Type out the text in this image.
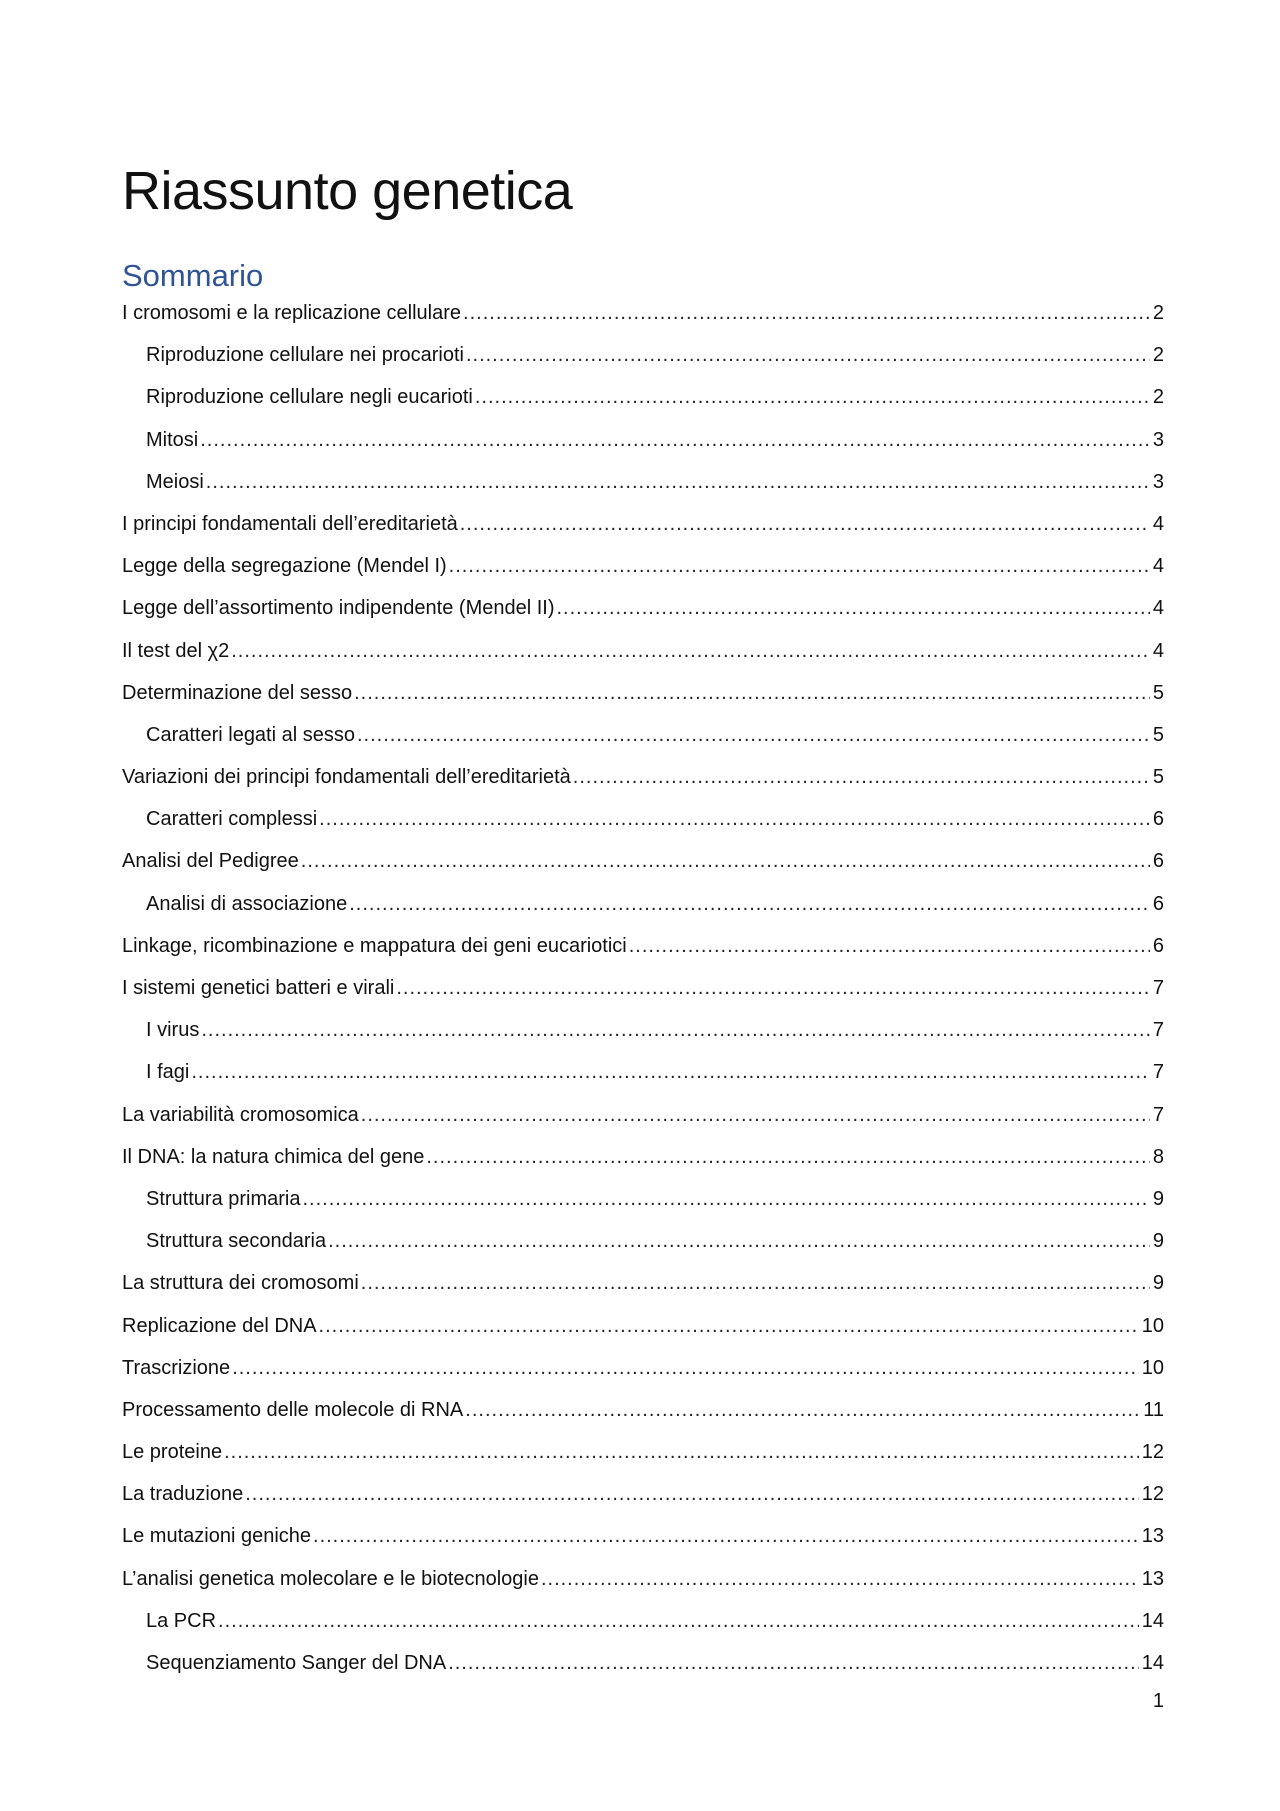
Riassunto genetica
Sommario
I cromosomi e la replicazione cellulare .....	2
Riproduzione cellulare nei procarioti .....	2
Riproduzione cellulare negli eucarioti .....	2
Mitosi .....	3
Meiosi .....	3
I principi fondamentali dell’ereditarietà .....	4
Legge della segregazione (Mendel I) .....	4
Legge dell’assortimento indipendente (Mendel II) .....	4
Il test del χ2 .....	4
Determinazione del sesso .....	5
Caratteri legati al sesso .....	5
Variazioni dei principi fondamentali dell’ereditarietà .....	5
Caratteri complessi .....	6
Analisi del Pedigree .....	6
Analisi di associazione .....	6
Linkage, ricombinazione e mappatura dei geni eucariotici .....	6
I sistemi genetici batteri e virali .....	7
I virus .....	7
I fagi .....	7
La variabilità cromosomica .....	7
Il DNA: la natura chimica del gene .....	8
Struttura primaria .....	9
Struttura secondaria .....	9
La struttura dei cromosomi .....	9
Replicazione del DNA .....	10
Trascrizione .....	10
Processamento delle molecole di RNA .....	11
Le proteine .....	12
La traduzione .....	12
Le mutazioni geniche .....	13
L’analisi genetica molecolare e le biotecnologie .....	13
La PCR .....	14
Sequenziamento Sanger del DNA .....	14
1
